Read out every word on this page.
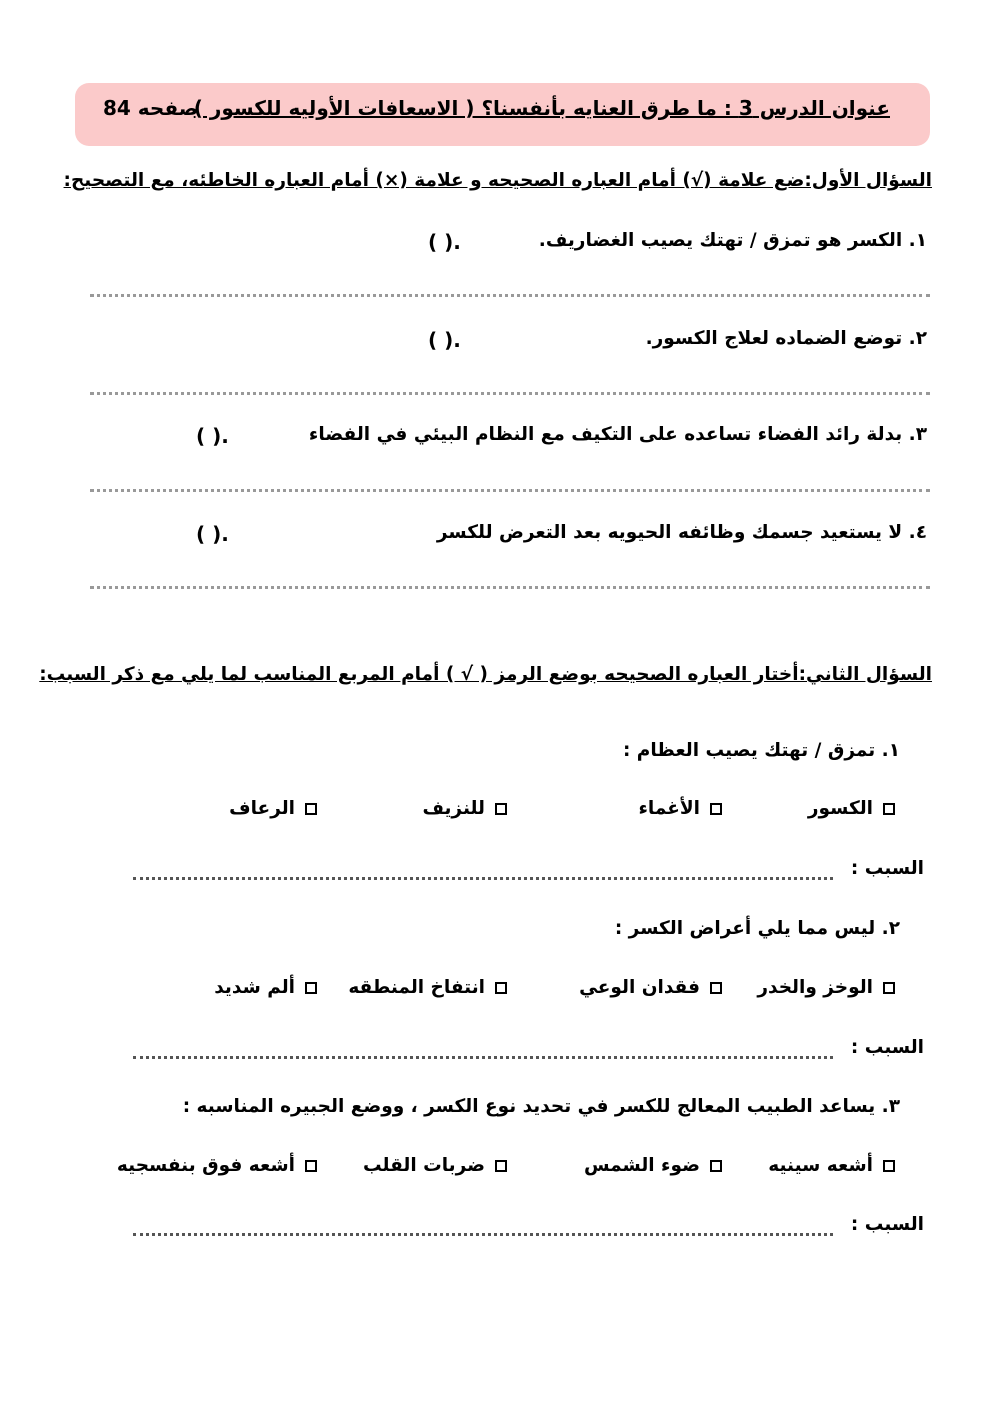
عنوان الدرس 3 : ما طرق العنايه بأنفسنا؟ ( الاسعافات الأوليه للكسور )
صفحه 84
السؤال الأول:ضع علامة (√) أمام العباره الصحيحه و علامة (×) أمام العباره الخاطئه، مع التصحيح:
١. الكسر هو تمزق / تهتك يصيب الغضاريف.
( ).
٢. توضع الضماده لعلاج الكسور.
( ).
٣. بدلة رائد الفضاء تساعده على التكيف مع النظام البيئي في الفضاء
( ).
٤. لا يستعيد جسمك وظائفه الحيويه بعد التعرض للكسر
( ).
السؤال الثاني:أختار العباره الصحيحه بوضع الرمز ( √ ) أمام المربع المناسب لما يلي مع ذكر السبب:
١. تمزق / تهتك يصيب العظام :
الكسور
الأغماء
للنزيف
الرعاف
السبب :
٢. ليس مما يلي أعراض الكسر :
الوخز والخدر
فقدان الوعي
انتفاخ المنطقه
ألم شديد
السبب :
٣. يساعد الطبيب المعالج للكسر في تحديد نوع الكسر ، ووضع الجبيره المناسبه :
أشعه سينيه
ضوء الشمس
ضربات القلب
أشعه فوق بنفسجيه
السبب :
